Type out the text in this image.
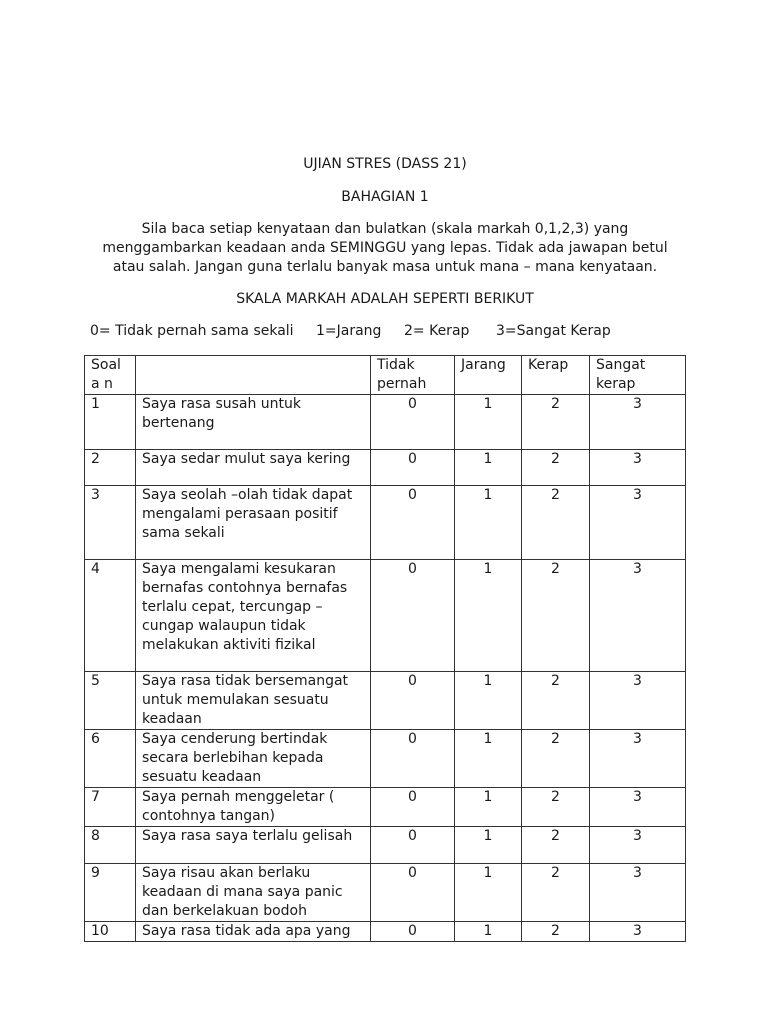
UJIAN STRES (DASS 21)
BAHAGIAN 1
Sila baca setiap kenyataan dan bulatkan (skala markah 0,1,2,3) yang menggambarkan keadaan anda SEMINGGU yang lepas. Tidak ada jawapan betul atau salah. Jangan guna terlalu banyak masa untuk mana – mana kenyataan.
SKALA MARKAH ADALAH SEPERTI BERIKUT
0= Tidak pernah sama sekali 1=Jarang 2= Kerap 3=Sangat Kerap
Soala n		Tidak pernah	Jarang	Kerap	Sangat kerap
1	Saya rasa susah untuk bertenang	0	1	2	3
2	Saya sedar mulut saya kering	0	1	2	3
3	Saya seolah –olah tidak dapat mengalami perasaan positif sama sekali	0	1	2	3
4	Saya mengalami kesukaran bernafas contohnya bernafas terlalu cepat, tercungap – cungap walaupun tidak melakukan aktiviti fizikal	0	1	2	3
5	Saya rasa tidak bersemangat untuk memulakan sesuatu keadaan	0	1	2	3
6	Saya cenderung bertindak secara berlebihan kepada sesuatu keadaan	0	1	2	3
7	Saya pernah menggeletar ( contohnya tangan)	0	1	2	3
8	Saya rasa saya terlalu gelisah	0	1	2	3
9	Saya risau akan berlaku keadaan di mana saya panic dan berkelakuan bodoh	0	1	2	3
10	Saya rasa tidak ada apa yang	0	1	2	3
